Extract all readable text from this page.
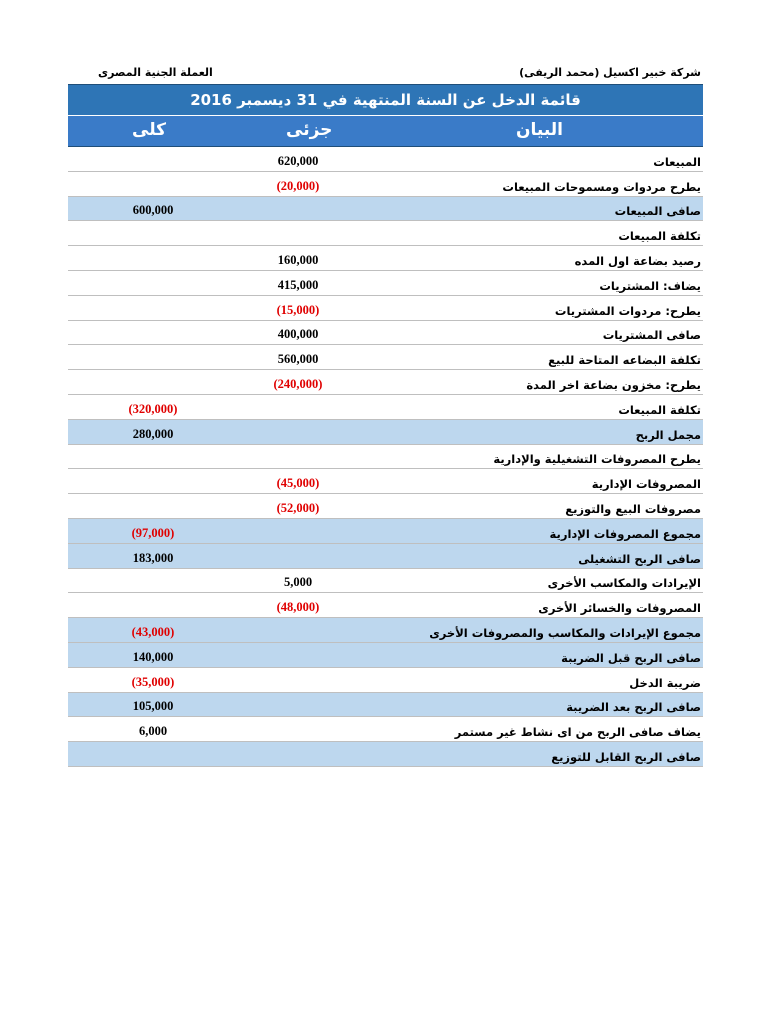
شركة خبير اكسيل (محمد الريفى)
العملة الجنية المصرى
قائمة الدخل عن السنة المنتهية في 31 ديسمبر 2016
البيان
جزئى
كلى
المبيعات
620,000
يطرح مردوات ومسموحات المبيعات
(20,000)
صافى المبيعات
600,000
تكلفة المبيعات
رصيد بضاعة اول المده
160,000
يضاف: المشتريات
415,000
يطرح: مردوات المشتريات
(15,000)
صافى المشتريات
400,000
تكلفة البضاعه المتاحة للبيع
560,000
يطرح: مخزون بضاعة اخر المدة
(240,000)
تكلفة المبيعات
(320,000)
مجمل الربح
280,000
يطرح المصروفات التشغيلية والإدارية
المصروفات الإدارية
(45,000)
مصروفات البيع والتوزيع
(52,000)
مجموع المصروفات الإدارية
(97,000)
صافى الربح التشغيلى
183,000
الإيرادات والمكاسب الأخرى
5,000
المصروفات والخسائر الأخرى
(48,000)
مجموع الإيرادات والمكاسب والمصروفات الأخرى
(43,000)
صافى الربح قبل الضريبة
140,000
ضريبة الدخل
(35,000)
صافى الربح بعد الضريبة
105,000
يضاف صافى الربح من اى نشاط غير مستمر
6,000
صافى الربح القابل للتوزيع
